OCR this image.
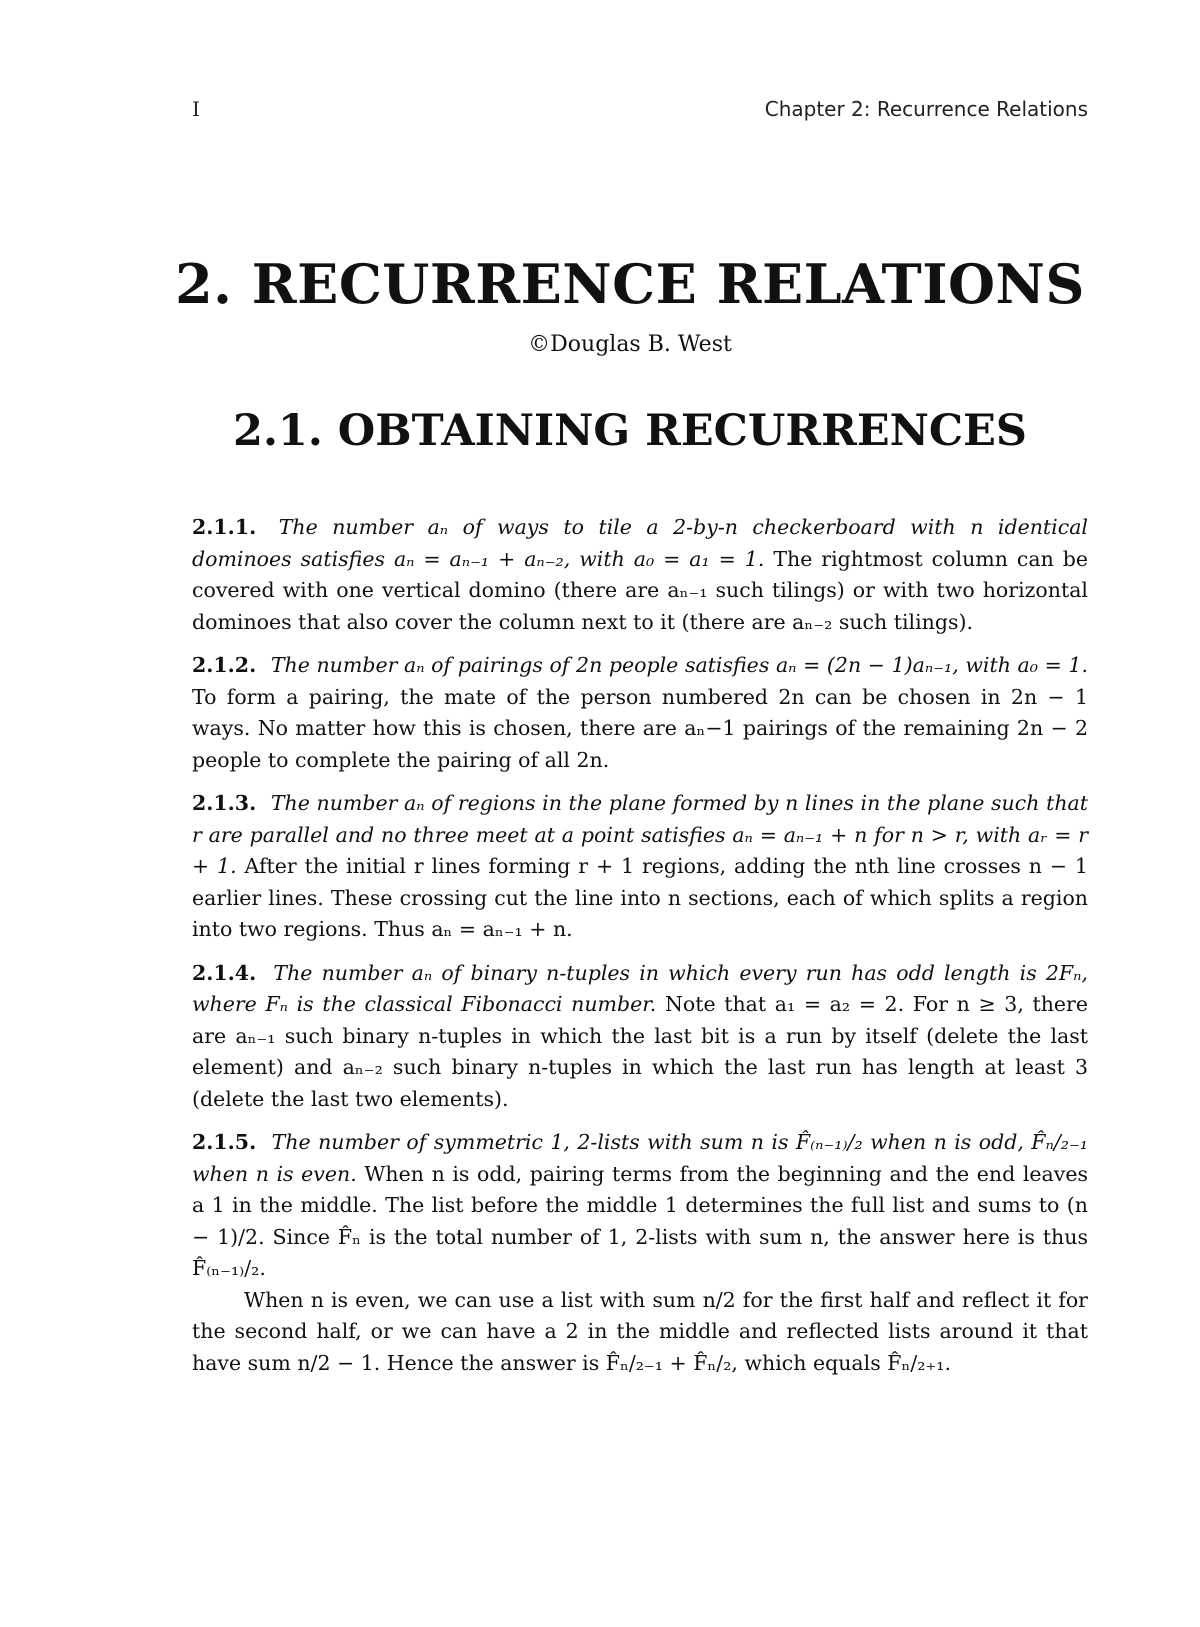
I	Chapter 2: Recurrence Relations
2. RECURRENCE RELATIONS
©Douglas B. West
2.1. OBTAINING RECURRENCES

2.1.1. The number aₙ of ways to tile a 2-by-n checkerboard with n identical dominoes satisfies aₙ = aₙ₋₁ + aₙ₋₂, with a₀ = a₁ = 1. The rightmost column can be covered with one vertical domino (there are aₙ₋₁ such tilings) or with two horizontal dominoes that also cover the column next to it (there are aₙ₋₂ such tilings).

2.1.2. The number aₙ of pairings of 2n people satisfies aₙ = (2n − 1)aₙ₋₁, with a₀ = 1. To form a pairing, the mate of the person numbered 2n can be chosen in 2n − 1 ways. No matter how this is chosen, there are aₙ−1 pairings of the remaining 2n − 2 people to complete the pairing of all 2n.

2.1.3. The number aₙ of regions in the plane formed by n lines in the plane such that r are parallel and no three meet at a point satisfies aₙ = aₙ₋₁ + n for n > r, with aᵣ = r + 1. After the initial r lines forming r + 1 regions, adding the nth line crosses n − 1 earlier lines. These crossing cut the line into n sections, each of which splits a region into two regions. Thus aₙ = aₙ₋₁ + n.

2.1.4. The number aₙ of binary n-tuples in which every run has odd length is 2Fₙ, where Fₙ is the classical Fibonacci number. Note that a₁ = a₂ = 2. For n ≥ 3, there are aₙ₋₁ such binary n-tuples in which the last bit is a run by itself (delete the last element) and aₙ₋₂ such binary n-tuples in which the last run has length at least 3 (delete the last two elements).

2.1.5. The number of symmetric 1, 2-lists with sum n is F̂₍ₙ₋₁₎/₂ when n is odd, F̂ₙ/₂₋₁ when n is even. When n is odd, pairing terms from the beginning and the end leaves a 1 in the middle. The list before the middle 1 determines the full list and sums to (n − 1)/2. Since F̂ₙ is the total number of 1, 2-lists with sum n, the answer here is thus F̂₍ₙ₋₁₎/₂.

When n is even, we can use a list with sum n/2 for the first half and reflect it for the second half, or we can have a 2 in the middle and reflected lists around it that have sum n/2 − 1. Hence the answer is F̂ₙ/₂₋₁ + F̂ₙ/₂, which equals F̂ₙ/₂₊₁.
